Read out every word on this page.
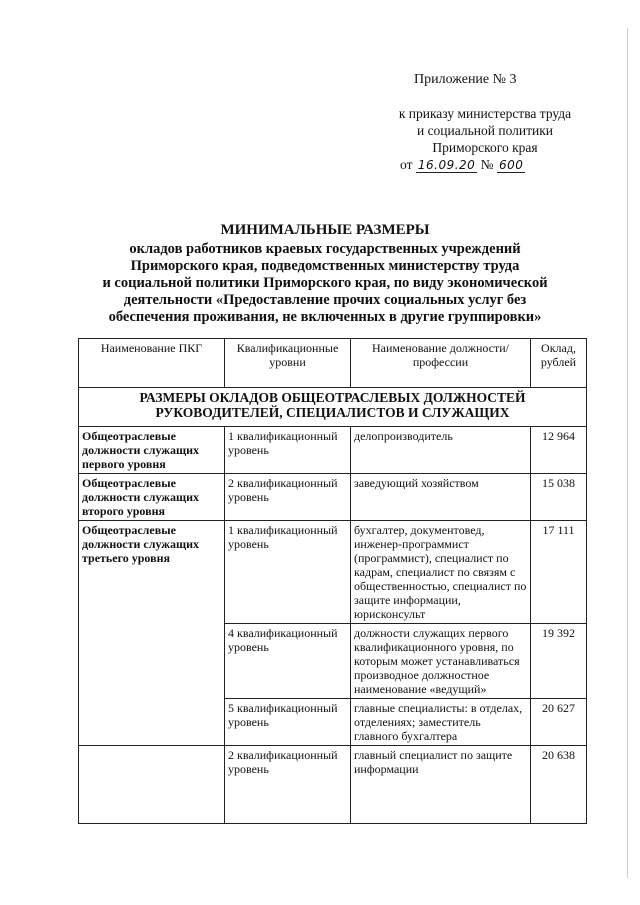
Приложение № 3
к приказу министерства труда
и социальной политики
Приморского края
от 16.09.20 № 600
МИНИМАЛЬНЫЕ РАЗМЕРЫ
окладов работников краевых государственных учреждений
Приморского края, подведомственных министерству труда
и социальной политики Приморского края, по виду экономической
деятельности «Предоставление прочих социальных услуг без
обеспечения проживания, не включенных в другие группировки»
Наименование ПКГ	Квалификационные уровни	Наименование должности/профессии	Оклад, рублей
РАЗМЕРЫ ОКЛАДОВ ОБЩЕОТРАСЛЕВЫХ ДОЛЖНОСТЕЙ РУКОВОДИТЕЛЕЙ, СПЕЦИАЛИСТОВ И СЛУЖАЩИХ			
Общеотраслевые должности служащих первого уровня	1 квалификационный уровень	делопроизводитель	12 964
Общеотраслевые должности служащих второго уровня	2 квалификационный уровень	заведующий хозяйством	15 038
Общеотраслевые должности служащих третьего уровня	1 квалификационный уровень	бухгалтер, документовед, инженер-программист (программист), специалист по кадрам, специалист по связям с общественностью, специалист по защите информации, юрисконсульт	17 111
	4 квалификационный уровень	должности служащих первого квалификационного уровня, по которым может устанавливаться производное должностное наименование «ведущий»	19 392
	5 квалификационный уровень	главные специалисты: в отделах, отделениях; заместитель главного бухгалтера	20 627
	2 квалификационный уровень	главный специалист по защите информации	20 638
